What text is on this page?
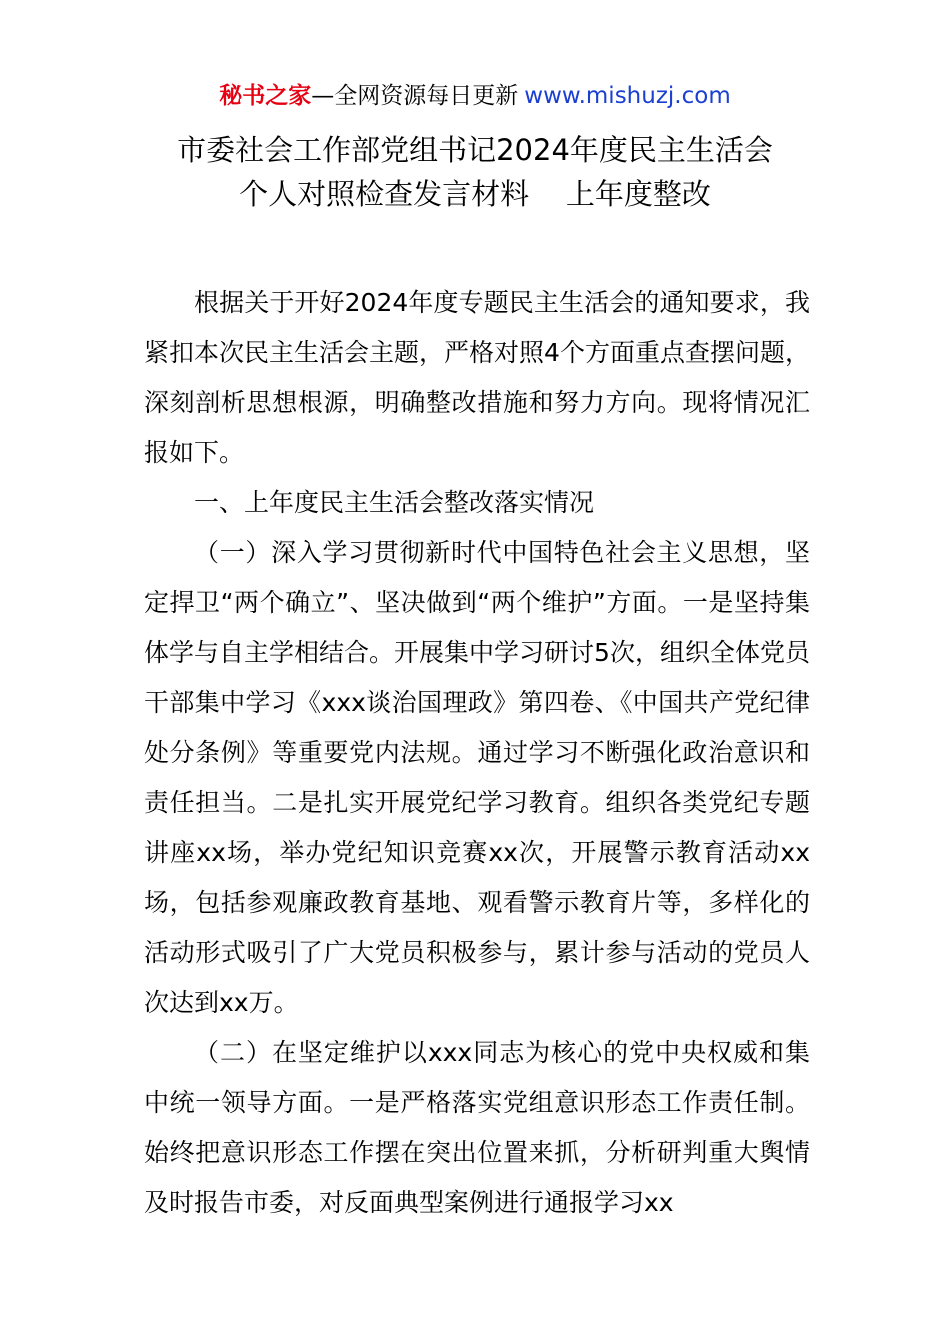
秘书之家—全网资源每日更新 www.mishuzj.com
市委社会工作部党组书记2024年度民主生活会
个人对照检查发言材料    上年度整改

根据关于开好2024年度专题民主生活会的通知要求，我紧扣本次民主生活会主题，严格对照4个方面重点查摆问题，深刻剖析思想根源，明确整改措施和努力方向。现将情况汇报如下。

一、上年度民主生活会整改落实情况

（一）深入学习贯彻新时代中国特色社会主义思想，坚定捍卫“两个确立”、坚决做到“两个维护”方面。一是坚持集体学与自主学相结合。开展集中学习研讨5次，组织全体党员干部集中学习《xxx谈治国理政》第四卷、《中国共产党纪律处分条例》等重要党内法规。通过学习不断强化政治意识和责任担当。二是扎实开展党纪学习教育。组织各类党纪专题讲座xx场，举办党纪知识竞赛xx次，开展警示教育活动xx场，包括参观廉政教育基地、观看警示教育片等，多样化的活动形式吸引了广大党员积极参与，累计参与活动的党员人次达到xx万。

（二）在坚定维护以xxx同志为核心的党中央权威和集中统一领导方面。一是严格落实党组意识形态工作责任制。始终把意识形态工作摆在突出位置来抓，分析研判重大舆情及时报告市委，对反面典型案例进行通报学习xx
